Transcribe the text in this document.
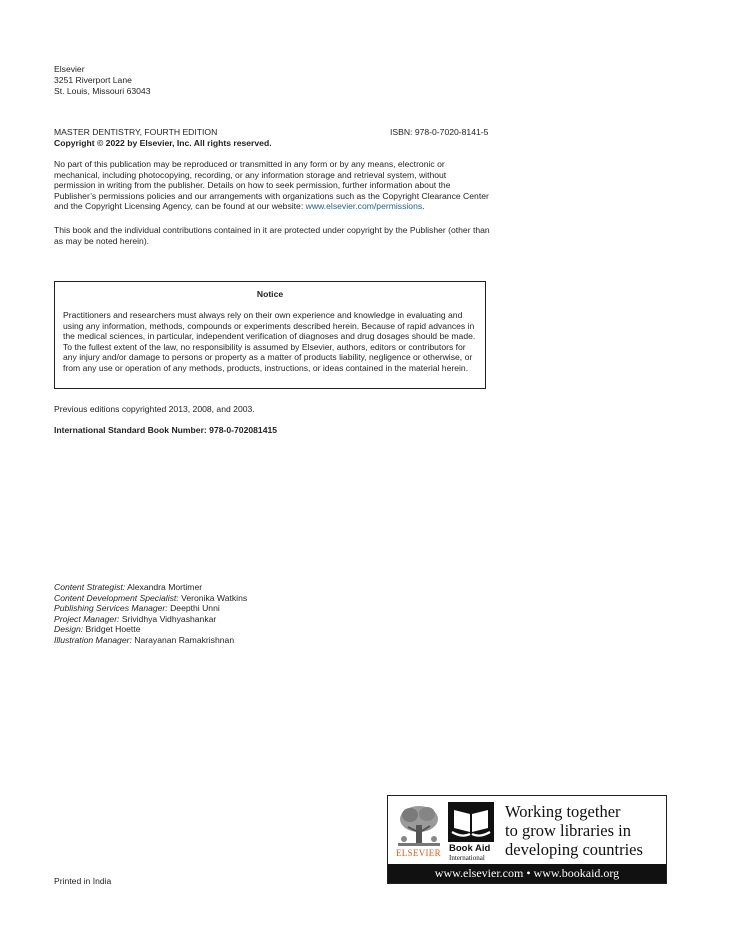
Elsevier
3251 Riverport Lane
St. Louis, Missouri 63043
MASTER DENTISTRY, FOURTH EDITION	ISBN: 978-0-7020-8141-5
Copyright © 2022 by Elsevier, Inc. All rights reserved.
No part of this publication may be reproduced or transmitted in any form or by any means, electronic or mechanical, including photocopying, recording, or any information storage and retrieval system, without permission in writing from the publisher. Details on how to seek permission, further information about the Publisher’s permissions policies and our arrangements with organizations such as the Copyright Clearance Center and the Copyright Licensing Agency, can be found at our website: www.elsevier.com/permissions.
This book and the individual contributions contained in it are protected under copyright by the Publisher (other than as may be noted herein).
Notice
Practitioners and researchers must always rely on their own experience and knowledge in evaluating and using any information, methods, compounds or experiments described herein. Because of rapid advances in the medical sciences, in particular, independent verification of diagnoses and drug dosages should be made. To the fullest extent of the law, no responsibility is assumed by Elsevier, authors, editors or contributors for any injury and/or damage to persons or property as a matter of products liability, negligence or otherwise, or from any use or operation of any methods, products, instructions, or ideas contained in the material herein.
Previous editions copyrighted 2013, 2008, and 2003.
International Standard Book Number: 978-0-702081415
Content Strategist: Alexandra Mortimer
Content Development Specialist: Veronika Watkins
Publishing Services Manager: Deepthi Unni
Project Manager: Srividhya Vidhyashankar
Design: Bridget Hoette
Illustration Manager: Narayanan Ramakrishnan
ELSEVIER Book Aid
International
Working together
to grow libraries in
developing countries
www.elsevier.com • www.bookaid.org
Printed in India
